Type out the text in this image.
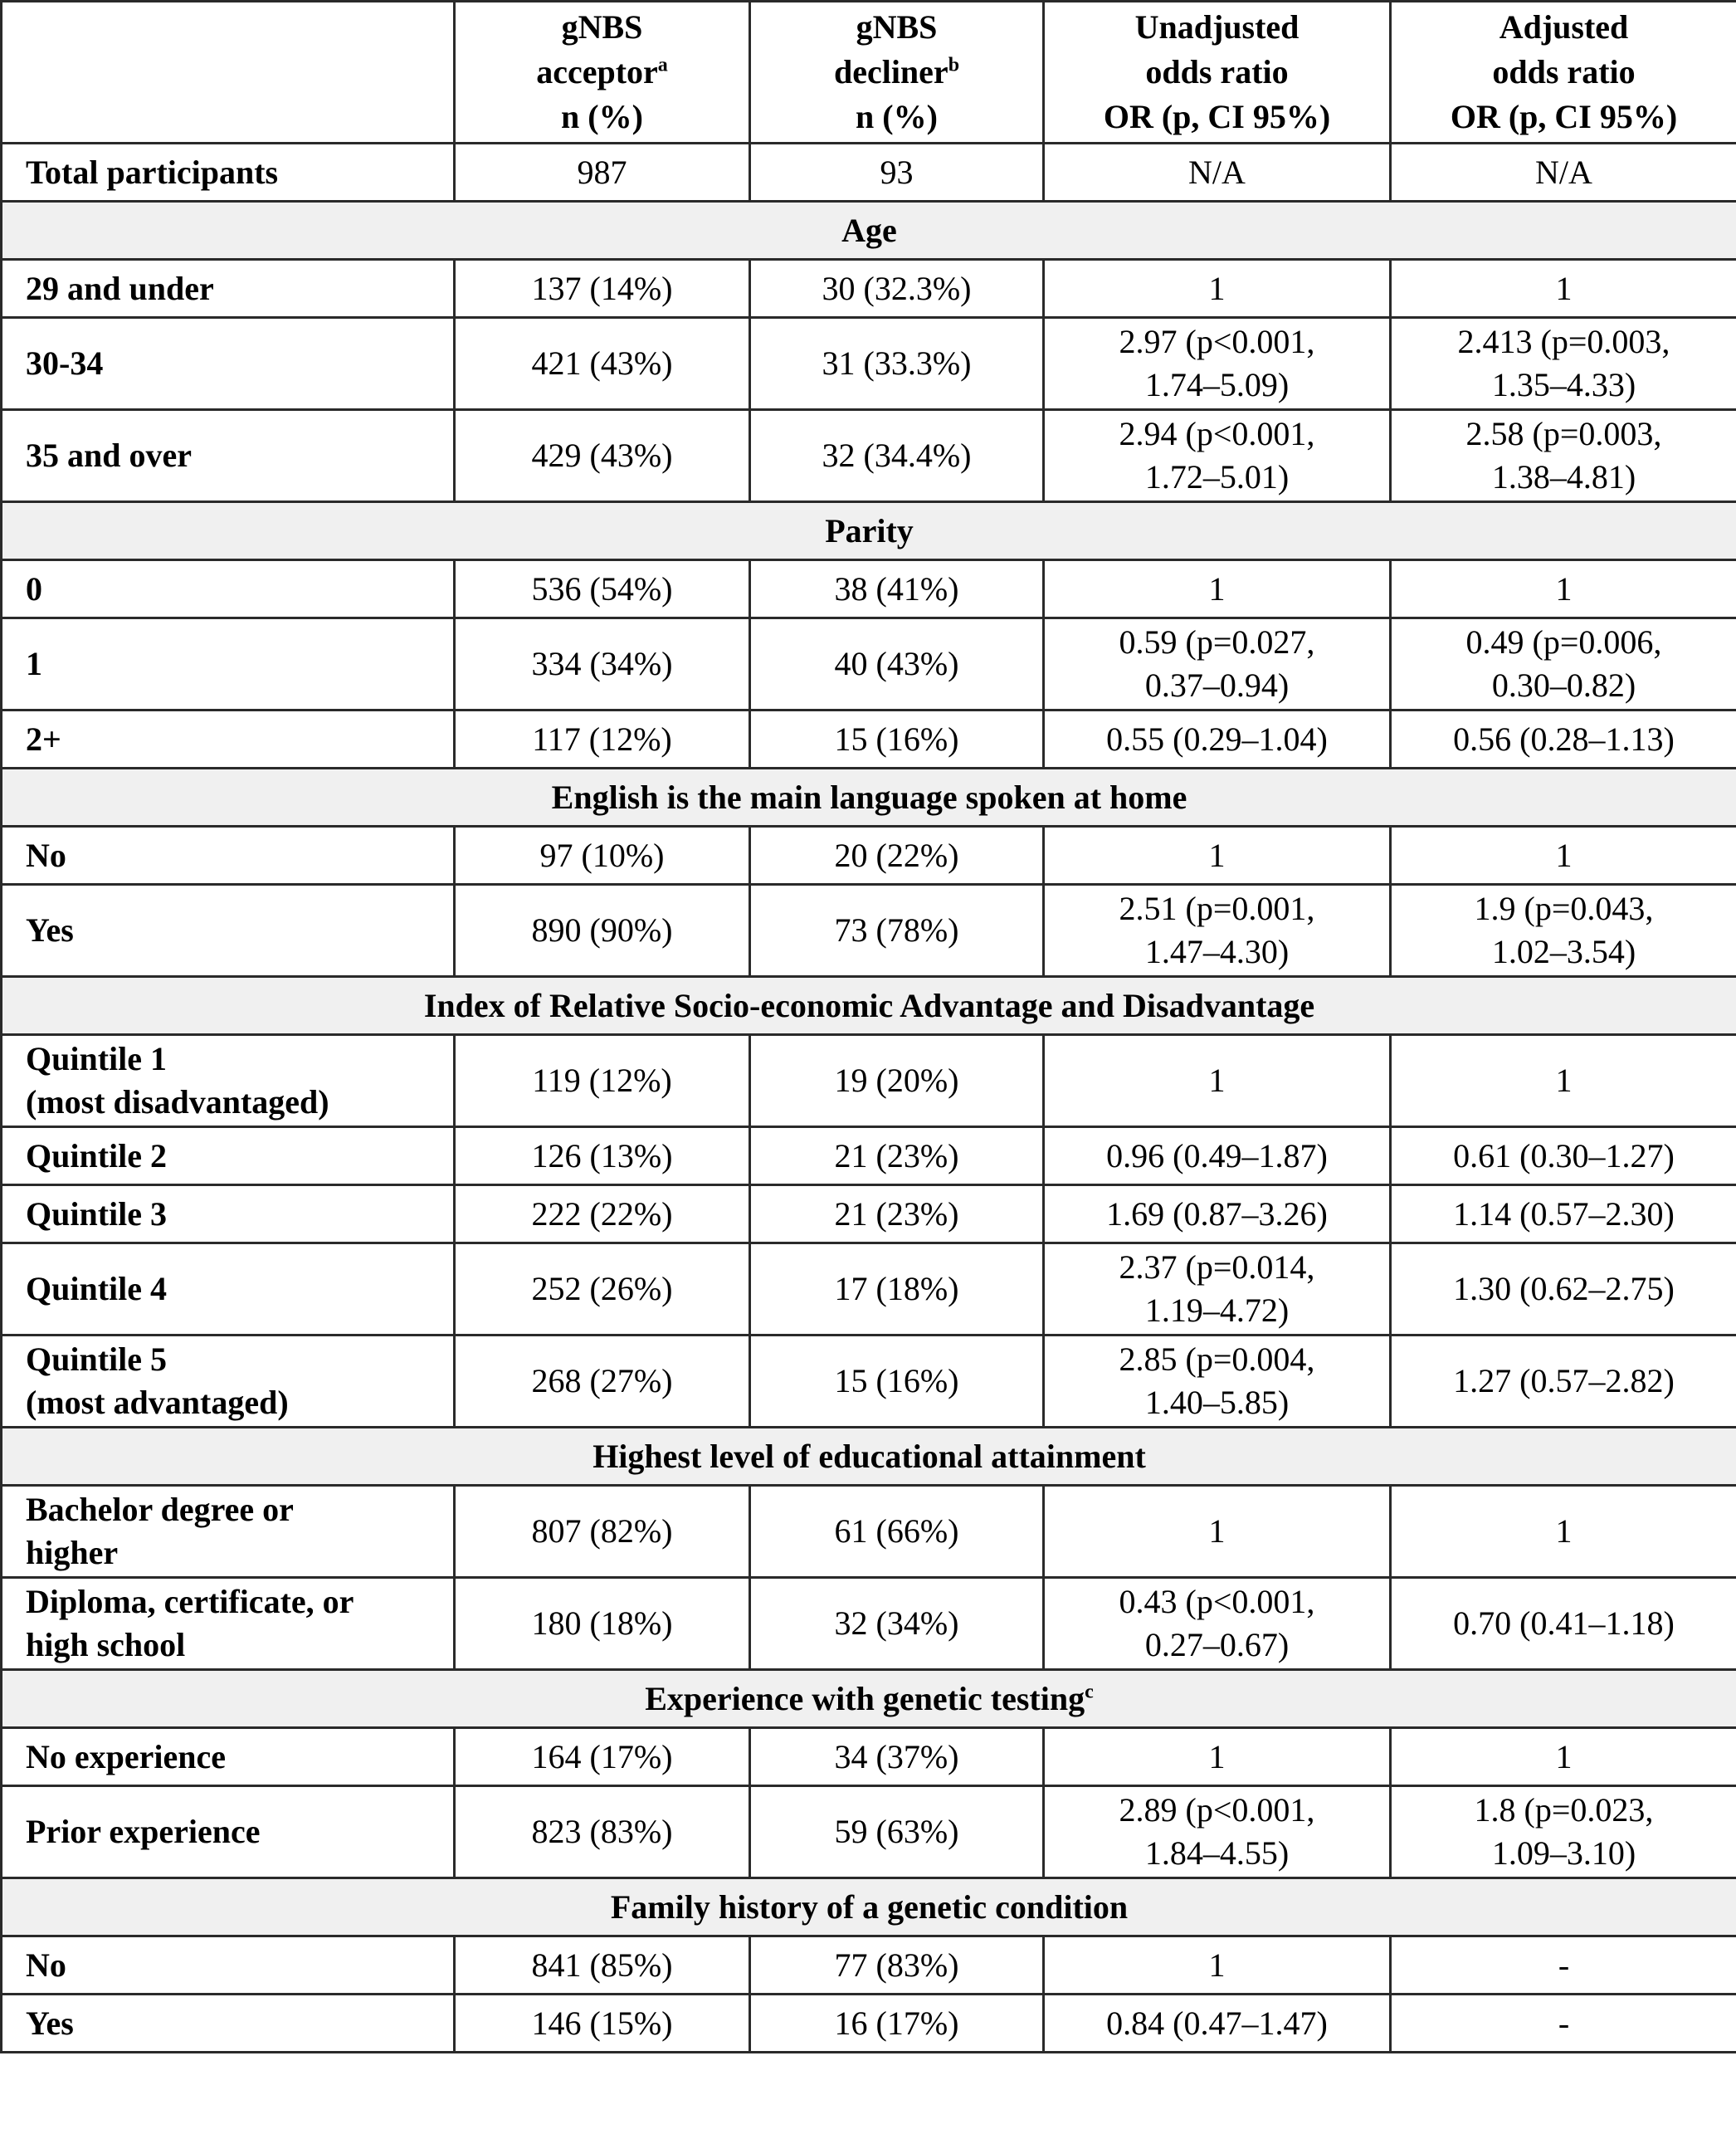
	gNBS
acceptor$^a$
n (%)	gNBS
decliner$^b$
n (%)	Unadjusted
odds ratio
OR (p, CI 95%)	Adjusted
odds ratio
OR (p, CI 95%)

Total participants	987	93	N/A	N/A
Age				

29 and under	137 (14%)	30 (32.3%)	1	1

30-34	421 (43%)	31 (33.3%)	2.97 (p<0.001,
1.74–5.09)	2.413 (p=0.003,
1.35–4.33)

35 and over	429 (43%)	32 (34.4%)	2.94 (p<0.001,
1.72–5.01)	2.58 (p=0.003,
1.38–4.81)

Parity				

0	536 (54%)	38 (41%)	1	1

1	334 (34%)	40 (43%)	0.59 (p=0.027,
0.37–0.94)	0.49 (p=0.006,
0.30–0.82)

2+	117 (12%)	15 (16%)	0.55 (0.29–1.04)	0.56 (0.28–1.13)

English is the main language spoken at home				

No	97 (10%)	20 (22%)	1	1

Yes	890 (90%)	73 (78%)	2.51 (p=0.001,
1.47–4.30)	1.9 (p=0.043,
1.02–3.54)

Index of Relative Socio-economic Advantage and Disadvantage				

Quintile 1
(most disadvantaged)	119 (12%)	19 (20%)	1	1

Quintile 2	126 (13%)	21 (23%)	0.96 (0.49–1.87)	0.61 (0.30–1.27)

Quintile 3	222 (22%)	21 (23%)	1.69 (0.87–3.26)	1.14 (0.57–2.30)

Quintile 4	252 (26%)	17 (18%)	2.37 (p=0.014,
1.19–4.72)	1.30 (0.62–2.75)

Quintile 5
(most advantaged)	268 (27%)	15 (16%)	2.85 (p=0.004,
1.40–5.85)	1.27 (0.57–2.82)

Highest level of educational attainment				

Bachelor degree or
higher	807 (82%)	61 (66%)	1	1

Diploma, certificate, or
high school	180 (18%)	32 (34%)	0.43 (p<0.001,
0.27–0.67)	0.70 (0.41–1.18)

Experience with genetic testing$^c$

No experience	164 (17%)	34 (37%)	1	1

Prior experience	823 (83%)	59 (63%)	2.89 (p<0.001,
1.84–4.55)	1.8 (p=0.023,
1.09–3.10)

Family history of a genetic condition				

No	841 (85%)	77 (83%)	1	-

Yes	146 (15%)	16 (17%)	0.84 (0.47–1.47)	-
